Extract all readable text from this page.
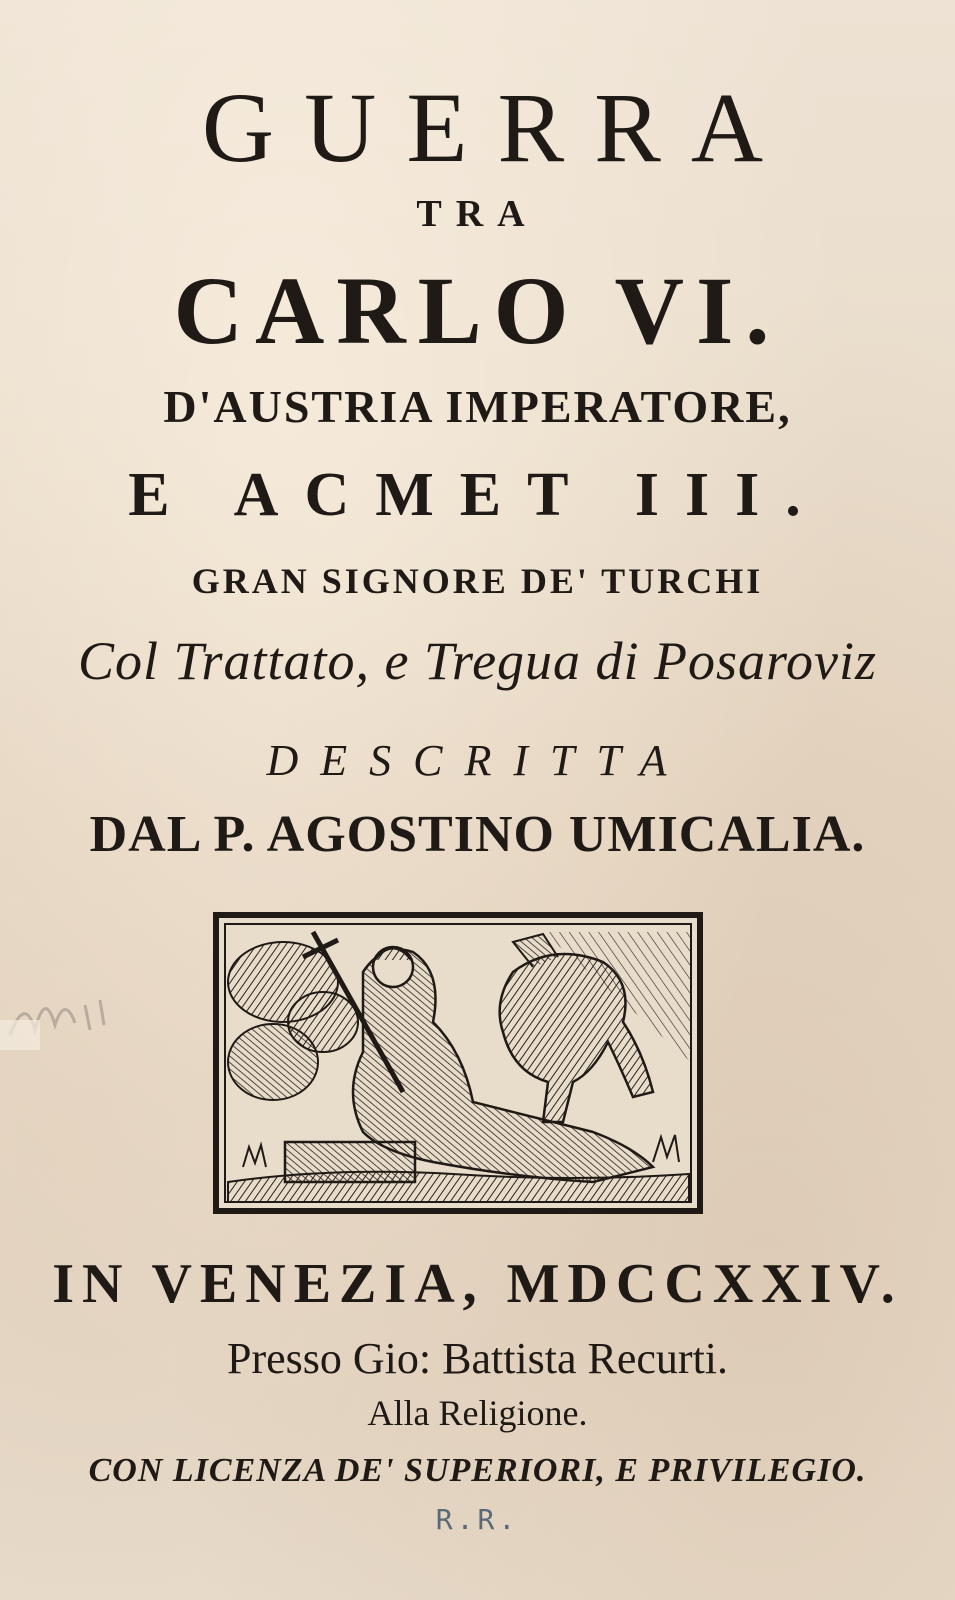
GUERRA
TRA
CARLO VI.
D'AUSTRIA IMPERATORE,
E ACMET III.
GRAN SIGNORE DE' TURCHI
Col Trattato, e Tregua di Posaroviz
DESCRITTA
DAL P. AGOSTINO UMICALIA.
IN VENEZIA, MDCCXXIV.
Presso Gio: Battista Recurti.
Alla Religione.
CON LICENZA DE' SUPERIORI, E PRIVILEGIO.
R.R.
